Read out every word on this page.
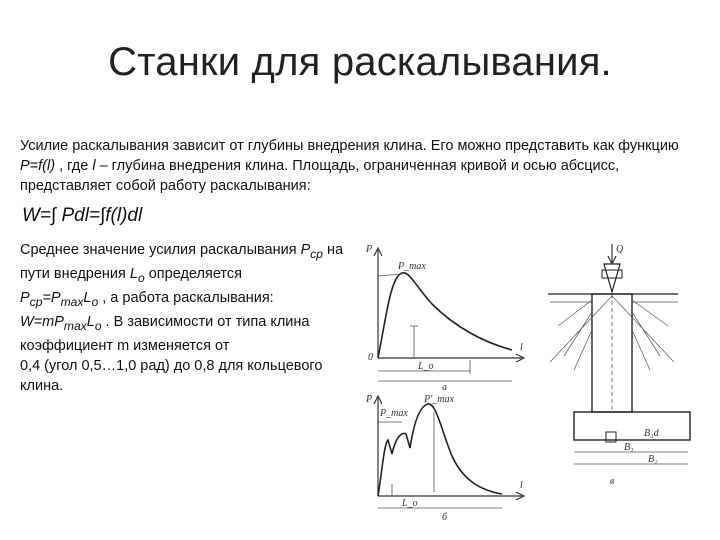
Станки для раскалывания.
Усилие раскалывания зависит от глубины внедрения клина. Его можно представить как функцию P=f(l) , где l – глубина внедрения клина. Площадь, ограниченная кривой и осью абсцисс, представляет собой работу раскалывания:
W=∫ Pdl=∫f(l)dl
Среднее значение усилия раскалывания $P_{cp}$ на пути внедрения $L_o$ определяется
$P_{cp}=P_{max}L_o$ , а работа раскалывания:
$W=mP_{max}L_o$ . В зависимости от типа клина коэффициент m изменяется от
0,4 (угол 0,5…1,0 рад) до 0,8 для кольцевого клина.
P
P_max
l
0
L_o
а
P
P_max
P'_max
l
L_o
б
Q
B₁
B₃d
B₂
в
